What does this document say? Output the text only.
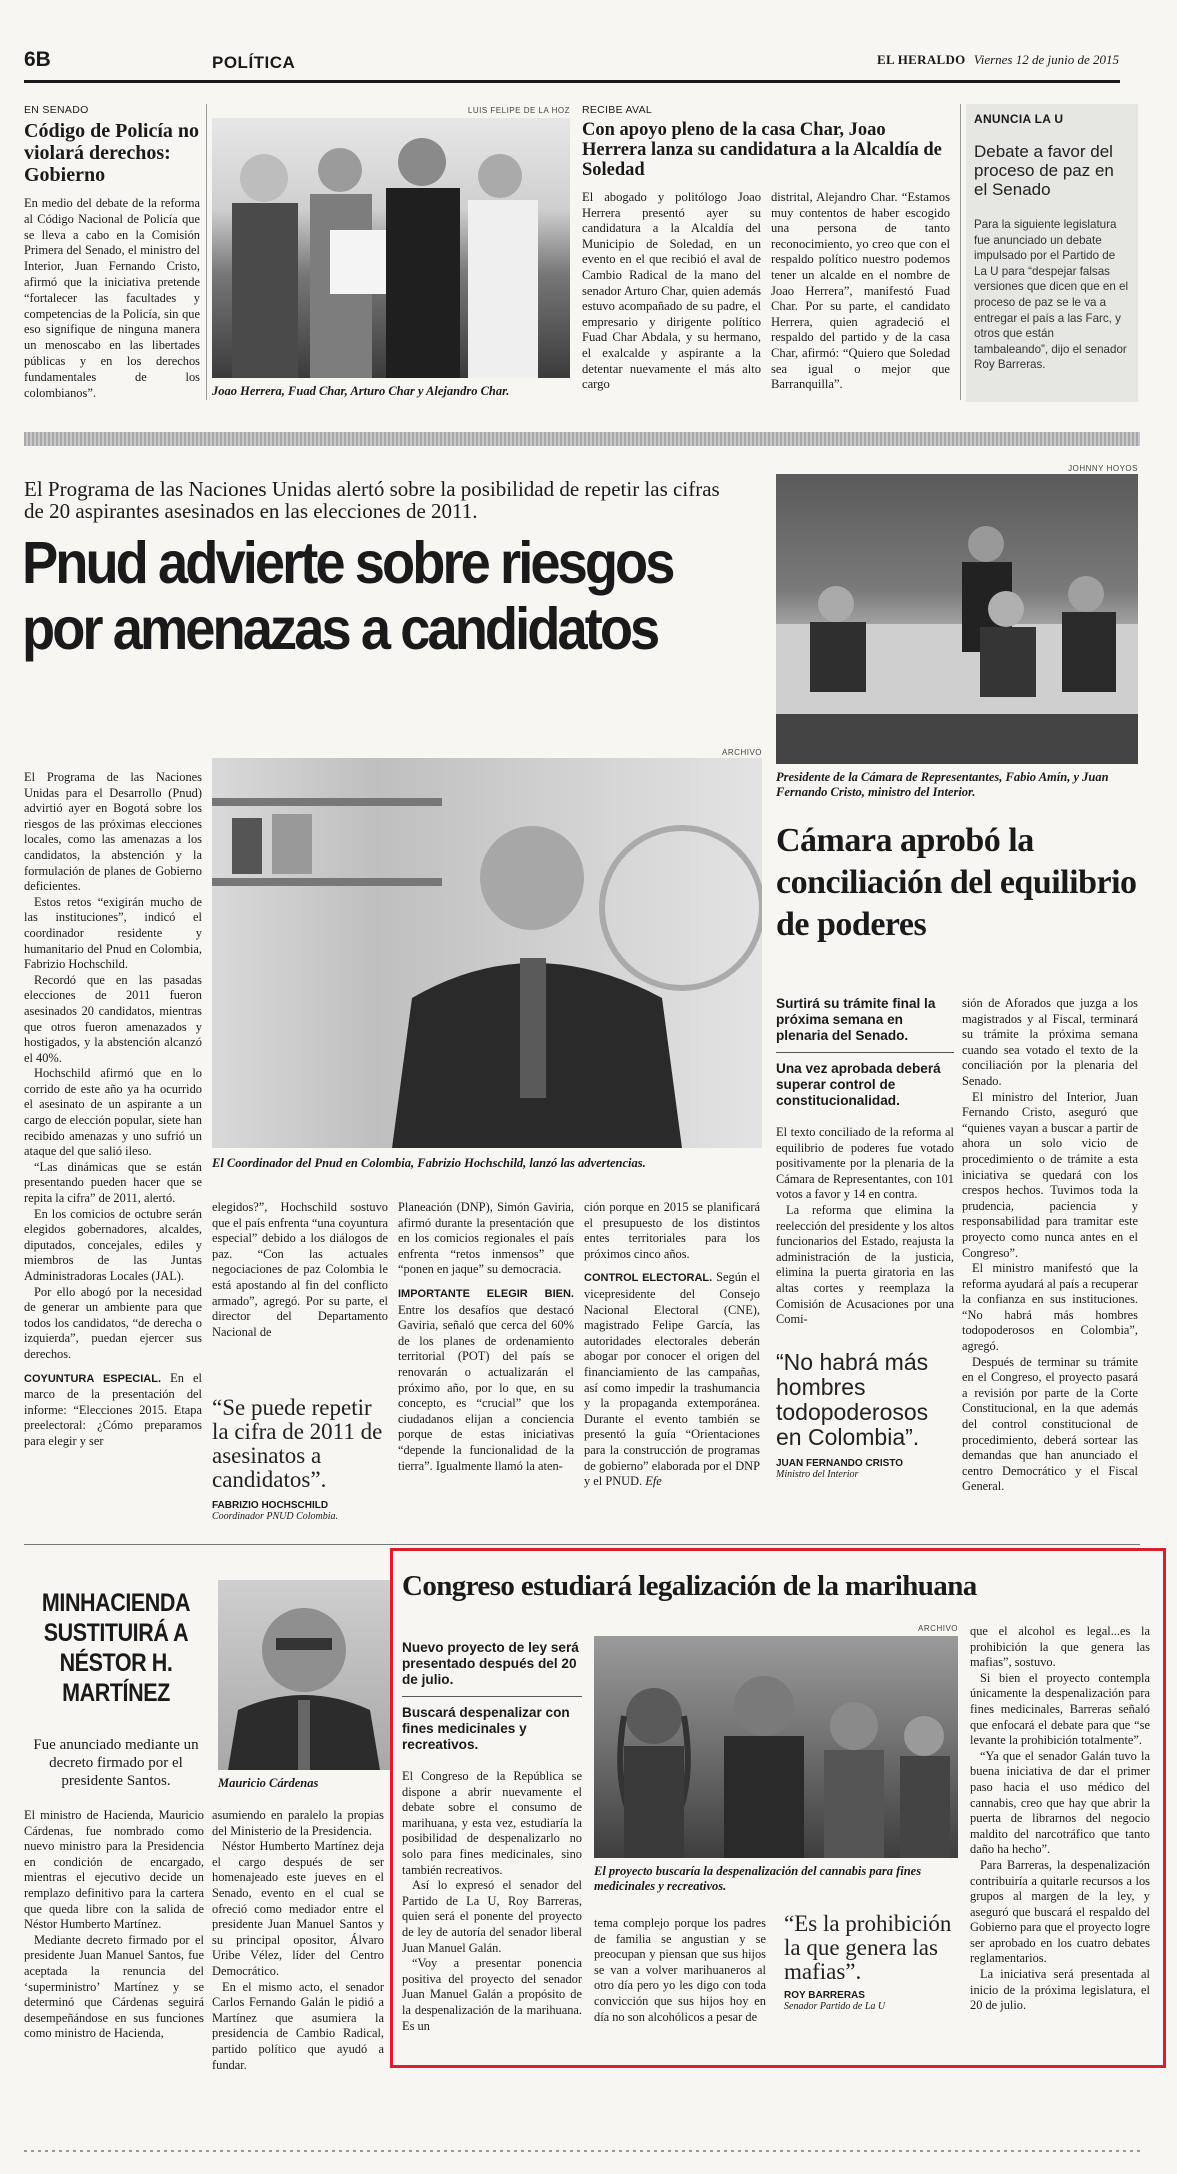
6B	POLÍTICA	EL HERALDO Viernes 12 de junio de 2015
EN SENADO
Código de Policía no violará derechos: Gobierno
En medio del debate de la reforma al Código Nacional de Policía que se lleva a cabo en la Comisión Primera del Senado, el ministro del Interior, Juan Fernando Cristo, afirmó que la iniciativa pretende “fortalecer las facultades y competencias de la Policía, sin que eso signifique de ninguna manera un menoscabo en las libertades públicas y en los derechos fundamentales de los colombianos”.
LUIS FELIPE DE LA HOZ
Joao Herrera, Fuad Char, Arturo Char y Alejandro Char.
RECIBE AVAL
Con apoyo pleno de la casa Char, Joao Herrera lanza su candidatura a la Alcaldía de Soledad
El abogado y politólogo Joao Herrera presentó ayer su candidatura a la Alcaldía del Municipio de Soledad, en un evento en el que recibió el aval de Cambio Radical de la mano del senador Arturo Char, quien además estuvo acompañado de su padre, el empresario y dirigente político Fuad Char Abdala, y su hermano, el exalcalde y aspirante a la detentar nuevamente el más alto cargo
distrital, Alejandro Char. “Estamos muy contentos de haber escogido una persona de tanto reconocimiento, yo creo que con el respaldo político nuestro podemos tener un alcalde en el nombre de Joao Herrera”, manifestó Fuad Char. Por su parte, el candidato Herrera, quien agradeció el respaldo del partido y de la casa Char, afirmó: “Quiero que Soledad sea igual o mejor que Barranquilla”.
ANUNCIA LA U
Debate a favor del proceso de paz en el Senado
Para la siguiente legislatura fue anunciado un debate impulsado por el Partido de La U para “despejar falsas versiones que dicen que en el proceso de paz se le va a entregar el país a las Farc, y otros que están tambaleando”, dijo el senador Roy Barreras.
El Programa de las Naciones Unidas alertó sobre la posibilidad de repetir las cifras de 20 aspirantes asesinados en las elecciones de 2011.
Pnud advierte sobre riesgos
por amenazas a candidatos
ARCHIVO
El Coordinador del Pnud en Colombia, Fabrizio Hochschild, lanzó las advertencias.

El Programa de las Naciones Unidas para el Desarrollo (Pnud) advirtió ayer en Bogotá sobre los riesgos de las próximas elecciones locales, como las amenazas a los candidatos, la abstención y la formulación de planes de Gobierno deficientes.

Estos retos “exigirán mucho de las instituciones”, indicó el coordinador residente y humanitario del Pnud en Colombia, Fabrizio Hochschild.

Recordó que en las pasadas elecciones de 2011 fueron asesinados 20 candidatos, mientras que otros fueron amenazados y hostigados, y la abstención alcanzó el 40%.

Hochschild afirmó que en lo corrido de este año ya ha ocurrido el asesinato de un aspirante a un cargo de elección popular, siete han recibido amenazas y uno sufrió un ataque del que salió ileso.

“Las dinámicas que se están presentando pueden hacer que se repita la cifra” de 2011, alertó.

En los comicios de octubre serán elegidos gobernadores, alcaldes, diputados, concejales, ediles y miembros de las Juntas Administradoras Locales (JAL).

Por ello abogó por la necesidad de generar un ambiente para que todos los candidatos, “de derecha o izquierda”, puedan ejercer sus derechos.

COYUNTURA ESPECIAL. En el marco de la presentación del informe: “Elecciones 2015. Etapa preelectoral: ¿Cómo preparamos para elegir y ser

elegidos?”, Hochschild sostuvo que el país enfrenta “una coyuntura especial” debido a los diálogos de paz. “Con las actuales negociaciones de paz Colombia le está apostando al fin del conflicto armado”, agregó. Por su parte, el director del Departamento Nacional de
“Se puede repetir la cifra de 2011 de asesinatos a candidatos”.
FABRIZIO HOCHSCHILD
Coordinador PNUD Colombia.

Planeación (DNP), Simón Gaviria, afirmó durante la presentación que en los comicios regionales el país enfrenta “retos inmensos” que “ponen en jaque” su democracia.

IMPORTANTE ELEGIR BIEN. Entre los desafíos que destacó Gaviria, señaló que cerca del 60% de los planes de ordenamiento territorial (POT) del país se renovarán o actualizarán el próximo año, por lo que, en su concepto, es “crucial” que los ciudadanos elijan a conciencia porque de estas iniciativas “depende la funcionalidad de la tierra”. Igualmente llamó la aten-

ción porque en 2015 se planificará el presupuesto de los distintos entes territoriales para los próximos cinco años.

CONTROL ELECTORAL. Según el vicepresidente del Consejo Nacional Electoral (CNE), magistrado Felipe García, las autoridades electorales deberán abogar por conocer el origen del financiamiento de las campañas, así como impedir la trashumancia y la propaganda extemporánea. Durante el evento también se presentó la guía “Orientaciones para la construcción de programas de gobierno” elaborada por el DNP y el PNUD. Efe

JOHNNY HOYOS
Presidente de la Cámara de Representantes, Fabio Amín, y Juan Fernando Cristo, ministro del Interior.
Cámara aprobó la conciliación del equilibrio de poderes
Surtirá su trámite final la próxima semana en plenaria del Senado.
Una vez aprobada deberá superar control de constitucionalidad.

El texto conciliado de la reforma al equilibrio de poderes fue votado positivamente por la plenaria de la Cámara de Representantes, con 101 votos a favor y 14 en contra.

La reforma que elimina la reelección del presidente y los altos funcionarios del Estado, reajusta la administración de la justicia, elimina la puerta giratoria en las altas cortes y reemplaza la Comisión de Acusaciones por una Comi-

“No habrá más hombres todopoderosos en Colombia”.
JUAN FERNANDO CRISTO
Ministro del Interior

sión de Aforados que juzga a los magistrados y al Fiscal, terminará su trámite la próxima semana cuando sea votado el texto de la conciliación por la plenaria del Senado.

El ministro del Interior, Juan Fernando Cristo, aseguró que “quienes vayan a buscar a partir de ahora un solo vicio de procedimiento o de trámite a esta iniciativa se quedará con los crespos hechos. Tuvimos toda la prudencia, paciencia y responsabilidad para tramitar este proyecto como nunca antes en el Congreso”.

El ministro manifestó que la reforma ayudará al país a recuperar la confianza en sus instituciones. “No habrá más hombres todopoderosos en Colombia”, agregó.

Después de terminar su trámite en el Congreso, el proyecto pasará a revisión por parte de la Corte Constitucional, en la que además del control constitucional de procedimiento, deberá sortear las demandas que han anunciado el centro Democrático y el Fiscal General.

MINHACIENDA SUSTITUIRÁ A NÉSTOR H. MARTÍNEZ
Fue anunciado mediante un decreto firmado por el presidente Santos.	Mauricio Cárdenas

El ministro de Hacienda, Mauricio Cárdenas, fue nombrado como nuevo ministro para la Presidencia en condición de encargado, mientras el ejecutivo decide un remplazo definitivo para la cartera que queda libre con la salida de Néstor Humberto Martínez.

Mediante decreto firmado por el presidente Juan Manuel Santos, fue aceptada la renuncia del ‘superministro’ Martínez y se determinó que Cárdenas seguirá desempeñándose en sus funciones como ministro de Hacienda,

asumiendo en paralelo la propias del Ministerio de la Presidencia.

Néstor Humberto Martínez deja el cargo después de ser homenajeado este jueves en el Senado, evento en el cual se ofreció como mediador entre el presidente Juan Manuel Santos y su principal opositor, Álvaro Uribe Vélez, líder del Centro Democrático.

En el mismo acto, el senador Carlos Fernando Galán le pidió a Martínez que asumiera la presidencia de Cambio Radical, partido político que ayudó a fundar.

Congreso estudiará legalización de la marihuana
Nuevo proyecto de ley será presentado después del 20 de julio.
Buscará despenalizar con fines medicinales y recreativos.

El Congreso de la República se dispone a abrir nuevamente el debate sobre el consumo de marihuana, y esta vez, estudiaría la posibilidad de despenalizarlo no solo para fines medicinales, sino también recreativos.

Así lo expresó el senador del Partido de La U, Roy Barreras, quien será el ponente del proyecto de ley de autoría del senador liberal Juan Manuel Galán.

“Voy a presentar ponencia positiva del proyecto del senador Juan Manuel Galán a propósito de la despenalización de la marihuana. Es un

ARCHIVO
El proyecto buscaría la despenalización del cannabis para fines medicinales y recreativos.
tema complejo porque los padres de familia se angustian y se preocupan y piensan que sus hijos se van a volver marihuaneros al otro día pero yo les digo con toda convicción que sus hijos hoy en día no son alcohólicos a pesar de
“Es la prohibición la que genera las mafias”.
ROY BARRERAS
Senador Partido de La U

que el alcohol es legal...es la prohibición la que genera las mafias”, sostuvo.

Si bien el proyecto contempla únicamente la despenalización para fines medicinales, Barreras señaló que enfocará el debate para que “se levante la prohibición totalmente”.

“Ya que el senador Galán tuvo la buena iniciativa de dar el primer paso hacia el uso médico del cannabis, creo que hay que abrir la puerta de librarnos del negocio maldito del narcotráfico que tanto daño ha hecho”.

Para Barreras, la despenalización contribuiría a quitarle recursos a los grupos al margen de la ley, y aseguró que buscará el respaldo del Gobierno para que el proyecto logre ser aprobado en los cuatro debates reglamentarios.

La iniciativa será presentada al inicio de la próxima legislatura, el 20 de julio.
